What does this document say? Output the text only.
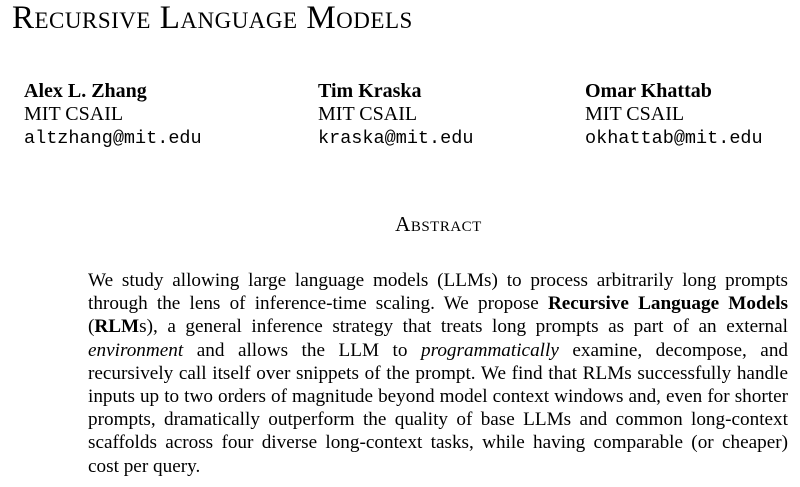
Recursive Language Models
Alex L. Zhang
MIT CSAIL
altzhang@mit.edu
Tim Kraska
MIT CSAIL
kraska@mit.edu
Omar Khattab
MIT CSAIL
okhattab@mit.edu
Abstract
We study allowing large language models (LLMs) to process arbitrarily long prompts through the lens of inference-time scaling. We propose Recursive Language Models (RLMs), a general inference strategy that treats long prompts as part of an external environment and allows the LLM to programmatically examine, decompose, and recursively call itself over snippets of the prompt. We find that RLMs successfully handle inputs up to two orders of magnitude beyond model context windows and, even for shorter prompts, dramatically outperform the quality of base LLMs and common long-context scaffolds across four diverse long-context tasks, while having comparable (or cheaper) cost per query.
